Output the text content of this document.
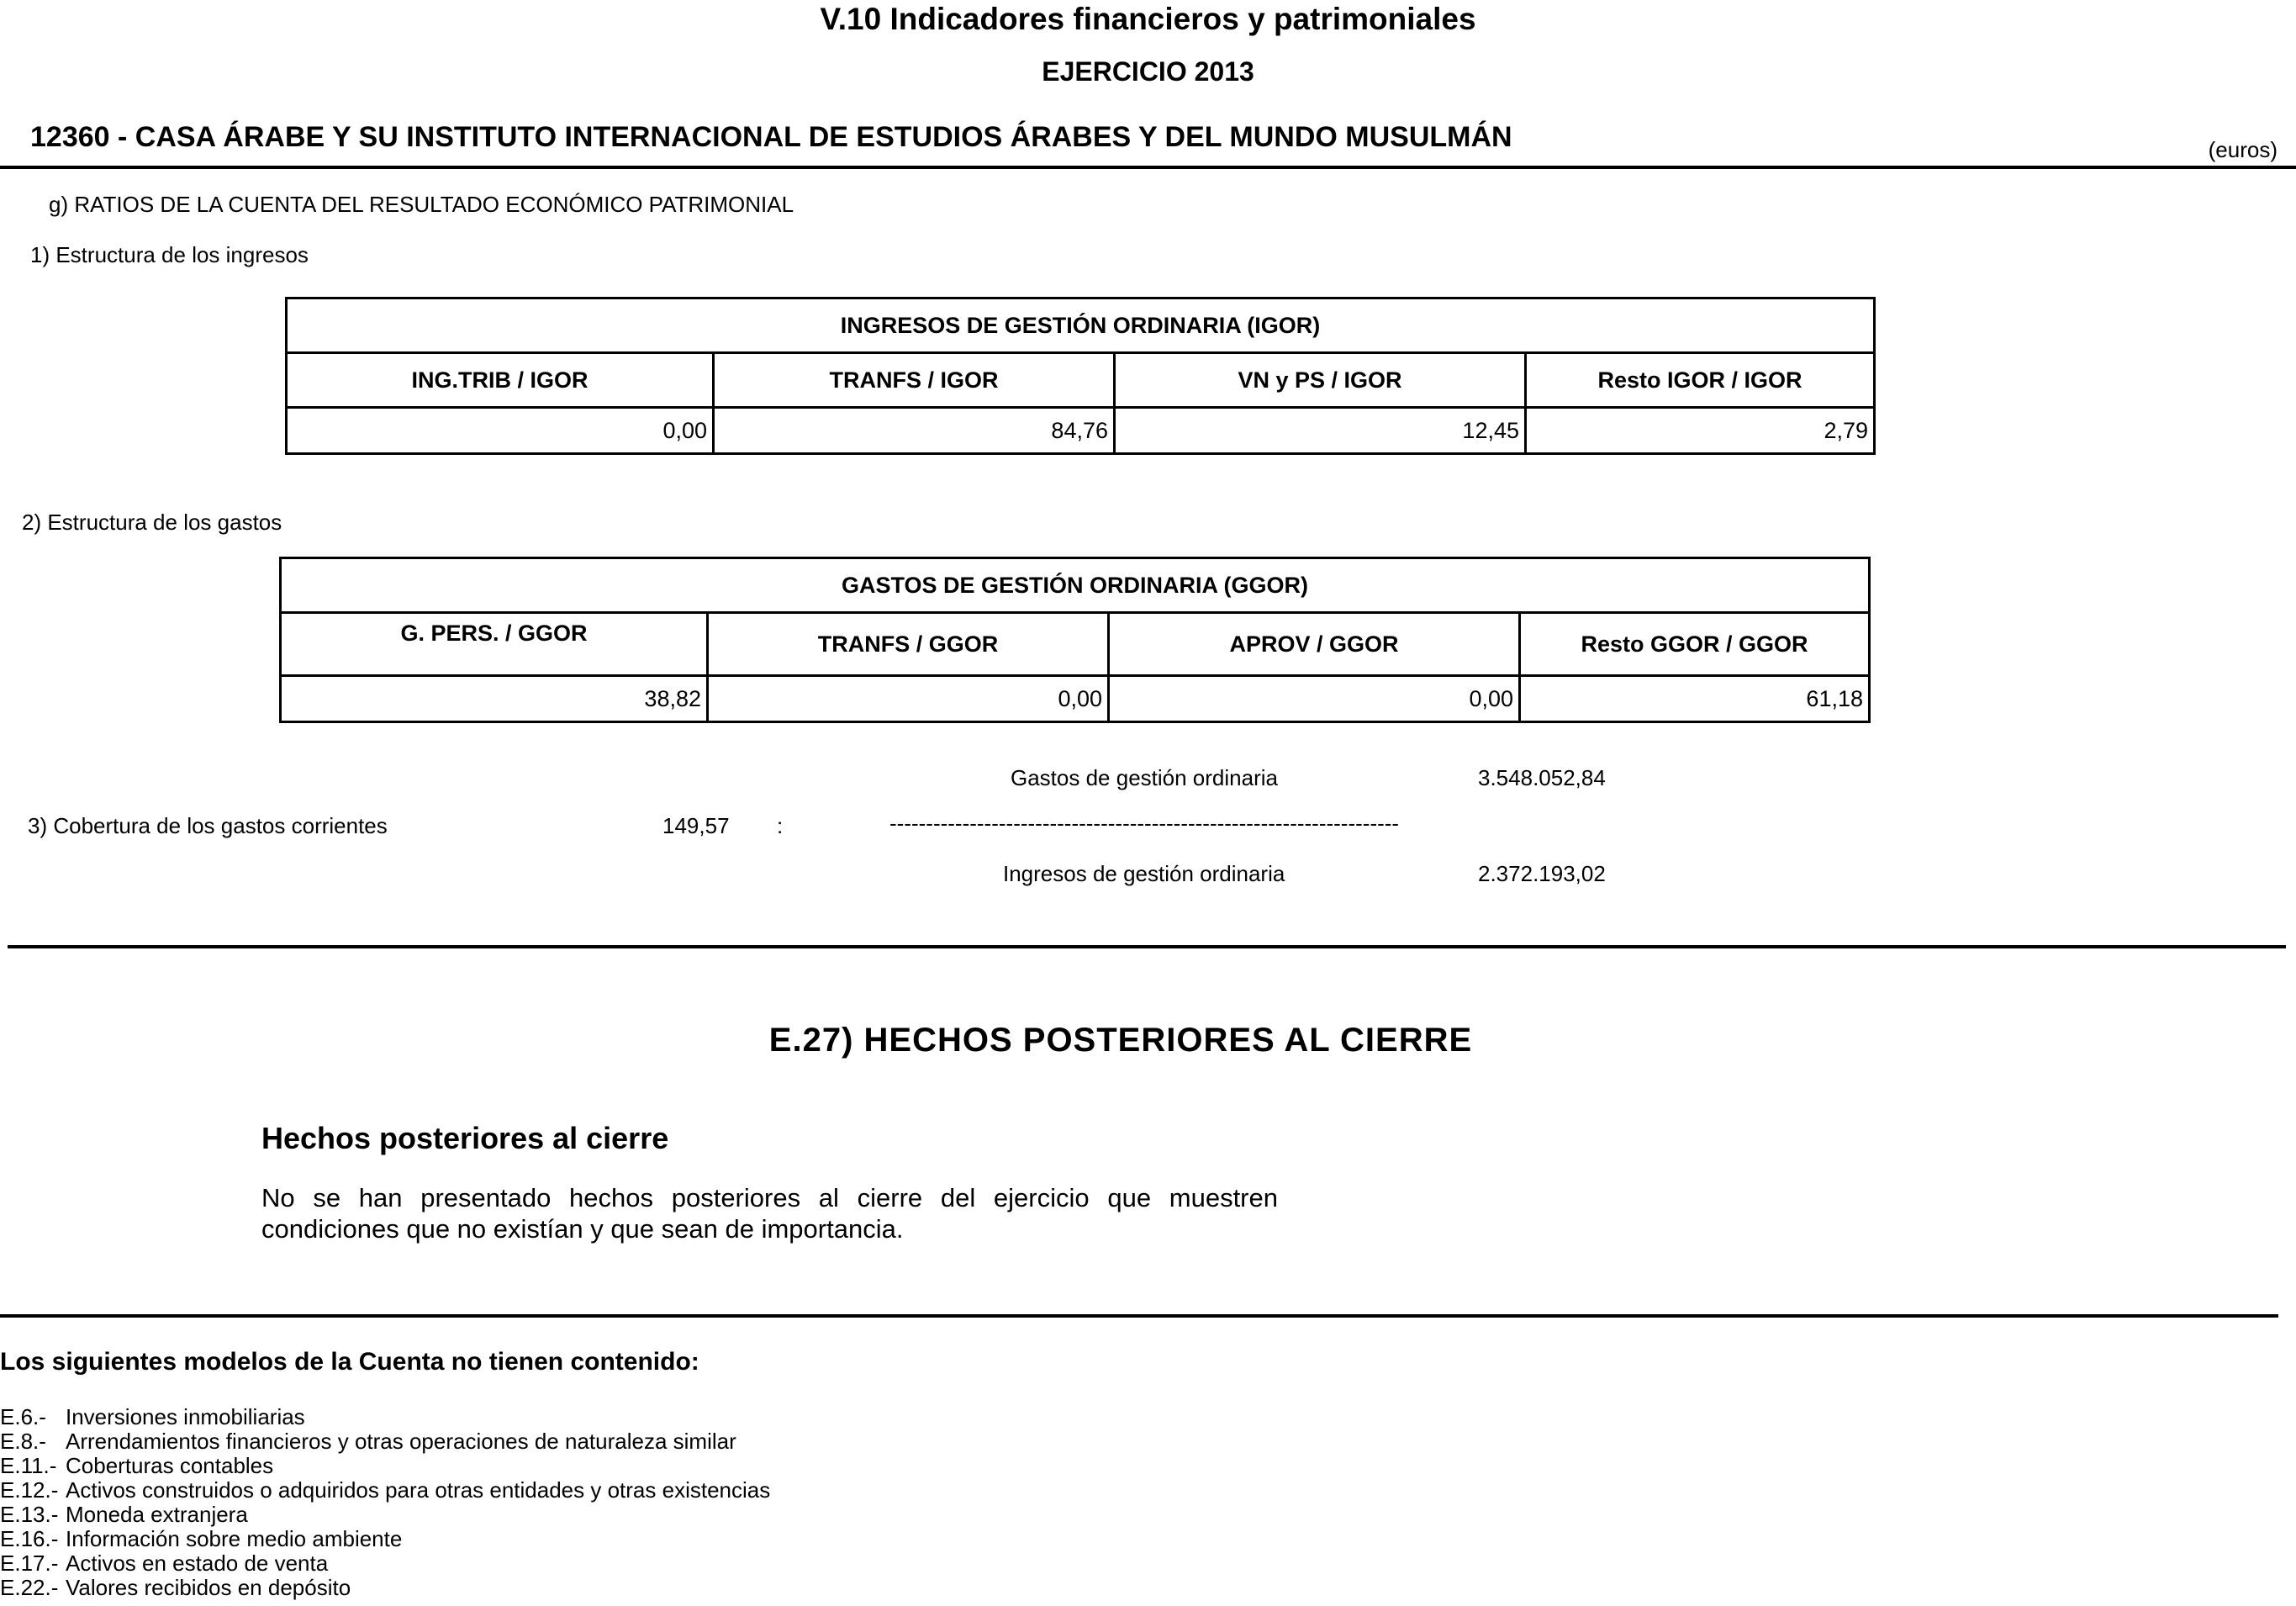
V.10 Indicadores financieros y patrimoniales
EJERCICIO 2013
12360 - CASA ÁRABE Y SU INSTITUTO INTERNACIONAL DE ESTUDIOS ÁRABES Y DEL MUNDO MUSULMÁN	(euros)
g) RATIOS DE LA CUENTA DEL RESULTADO ECONÓMICO PATRIMONIAL
1) Estructura de los ingresos
INGRESOS DE GESTIÓN ORDINARIA (IGOR)			
ING.TRIB / IGOR	TRANFS / IGOR	VN y PS / IGOR	Resto IGOR / IGOR
0,00	84,76	12,45	2,79
2) Estructura de los gastos
GASTOS DE GESTIÓN ORDINARIA (GGOR)			
G. PERS. / GGOR	TRANFS / GGOR	APROV / GGOR	Resto GGOR / GGOR
38,82	0,00	0,00	61,18
Gastos de gestión ordinaria	3.548.052,84
3) Cobertura de los gastos corrientes	149,57 :	----------------------------------------------------------------------
Ingresos de gestión ordinaria	2.372.193,02
E.27) HECHOS POSTERIORES AL CIERRE
Hechos posteriores al cierre
No se han presentado hechos posteriores al cierre del ejercicio que muestren condiciones que no existían y que sean de importancia.
Los siguientes modelos de la Cuenta no tienen contenido:
E.6.- Inversiones inmobiliarias
E.8.- Arrendamientos financieros y otras operaciones de naturaleza similar
E.11.- Coberturas contables
E.12.- Activos construidos o adquiridos para otras entidades y otras existencias
E.13.- Moneda extranjera
E.16.- Información sobre medio ambiente
E.17.- Activos en estado de venta
E.22.- Valores recibidos en depósito
